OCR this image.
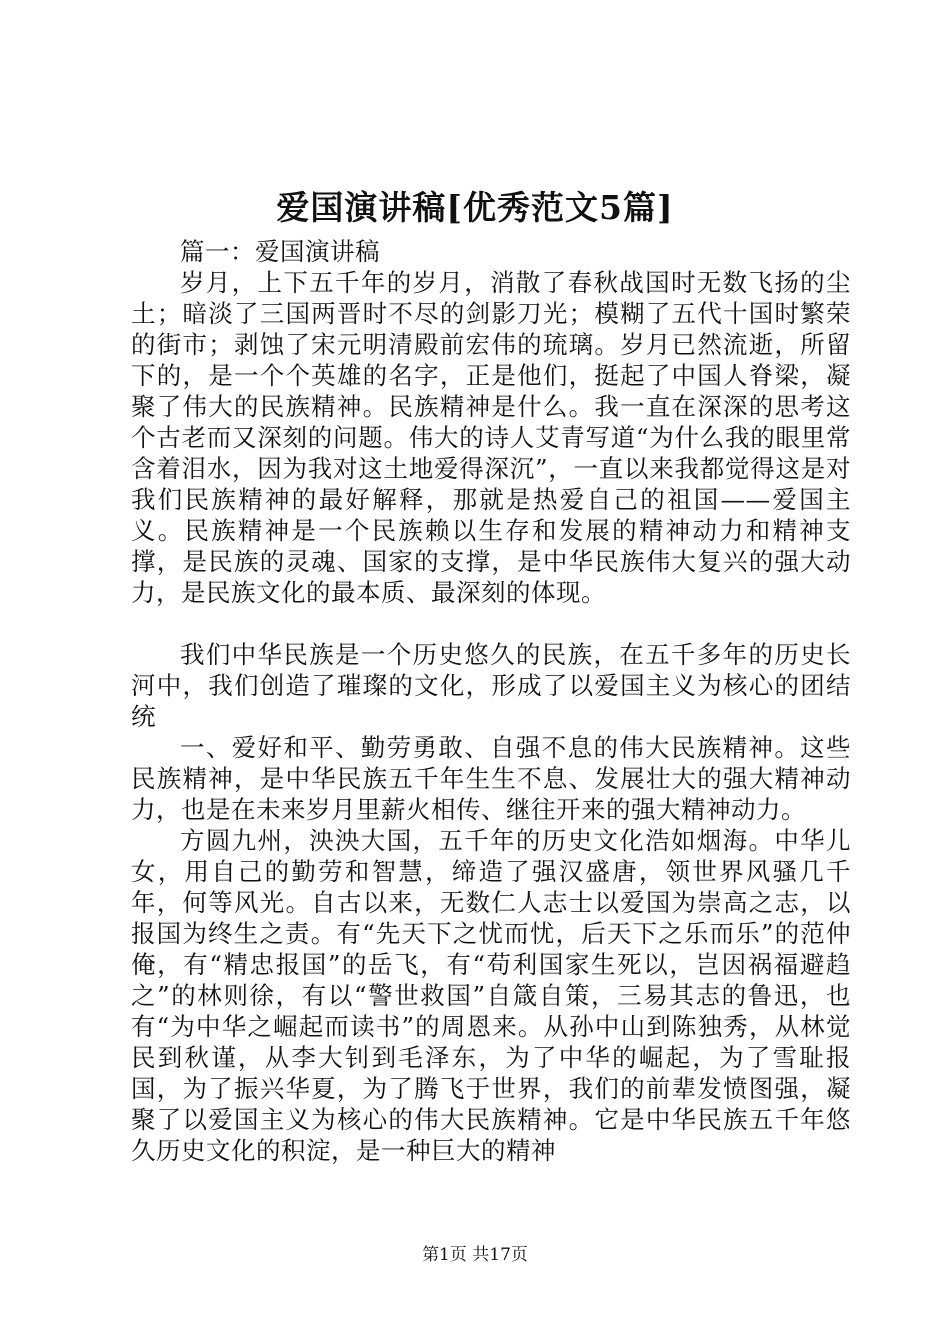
爱国演讲稿[优秀范文5篇]

篇一：爱国演讲稿

岁月，上下五千年的岁月，消散了春秋战国时无数飞扬的尘土；暗淡了三国两晋时不尽的剑影刀光；模糊了五代十国时繁荣的街市；剥蚀了宋元明清殿前宏伟的琉璃。岁月已然流逝，所留下的，是一个个英雄的名字，正是他们，挺起了中国人脊梁，凝聚了伟大的民族精神。民族精神是什么。我一直在深深的思考这个古老而又深刻的问题。伟大的诗人艾青写道“为什么我的眼里常含着泪水，因为我对这土地爱得深沉”，一直以来我都觉得这是对我们民族精神的最好解释，那就是热爱自己的祖国——爱国主义。民族精神是一个民族赖以生存和发展的精神动力和精神支撑，是民族的灵魂、国家的支撑，是中华民族伟大复兴的强大动力，是民族文化的最本质、最深刻的体现。

我们中华民族是一个历史悠久的民族，在五千多年的历史长河中，我们创造了璀璨的文化，形成了以爱国主义为核心的团结统

一、爱好和平、勤劳勇敢、自强不息的伟大民族精神。这些民族精神，是中华民族五千年生生不息、发展壮大的强大精神动力，也是在未来岁月里薪火相传、继往开来的强大精神动力。

方圆九州，泱泱大国，五千年的历史文化浩如烟海。中华儿女，用自己的勤劳和智慧，缔造了强汉盛唐，领世界风骚几千年，何等风光。自古以来，无数仁人志士以爱国为崇高之志，以报国为终生之责。有“先天下之忧而忧，后天下之乐而乐”的范仲俺，有“精忠报国”的岳飞，有“苟利国家生死以，岂因祸福避趋之”的林则徐，有以“警世救国”自箴自策，三易其志的鲁迅，也有“为中华之崛起而读书”的周恩来。从孙中山到陈独秀，从林觉民到秋谨，从李大钊到毛泽东，为了中华的崛起，为了雪耻报国，为了振兴华夏，为了腾飞于世界，我们的前辈发愤图强，凝聚了以爱国主义为核心的伟大民族精神。它是中华民族五千年悠久历史文化的积淀，是一种巨大的精神

第1页 共17页
